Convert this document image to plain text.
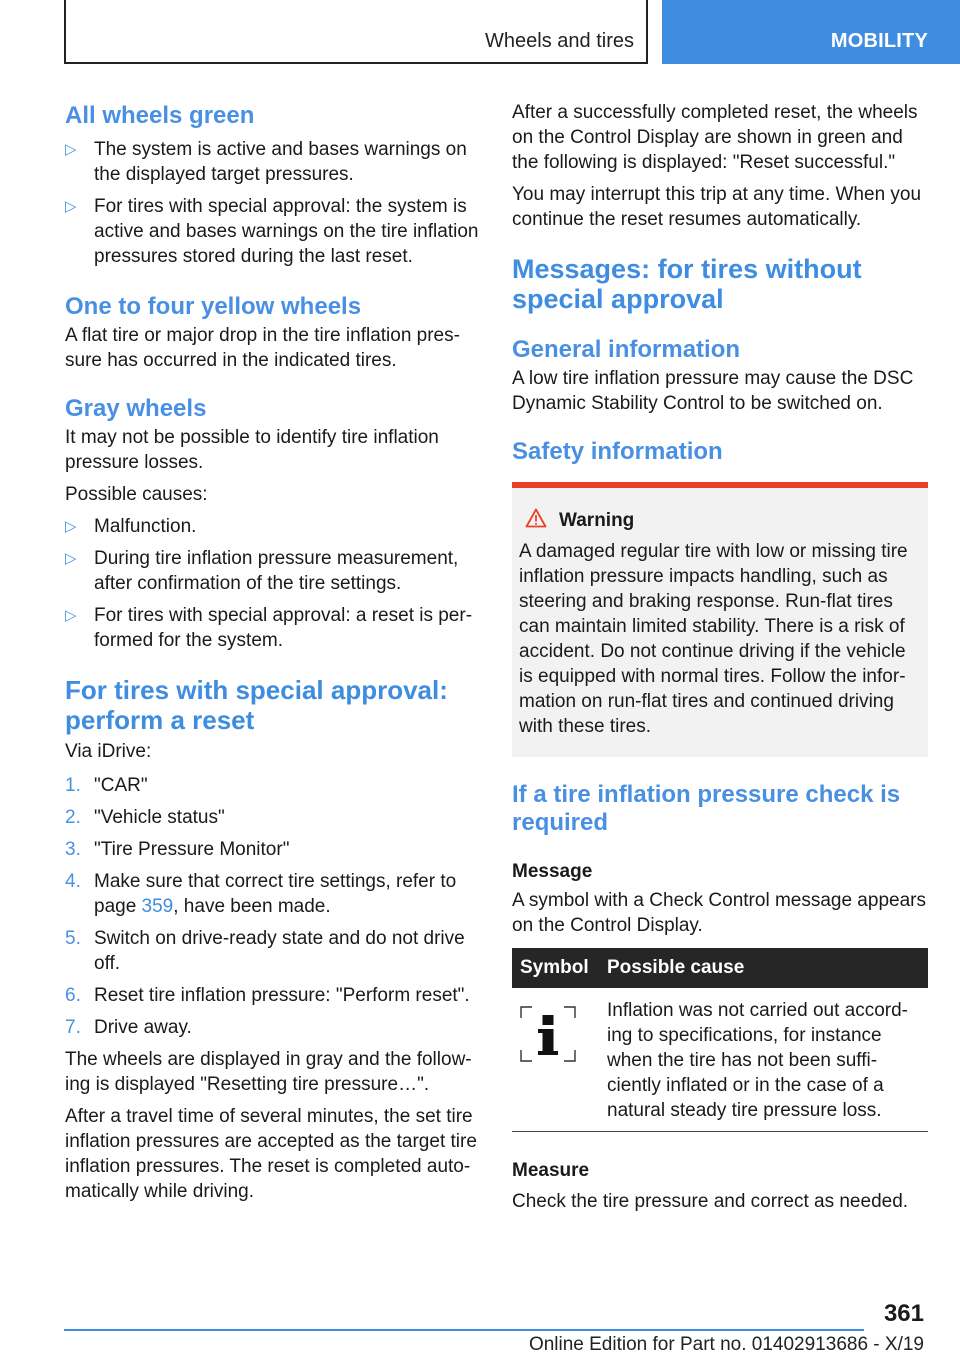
Wheels and tires	MOBILITY
All wheels green
▷ The system is active and bases warnings on the displayed target pressures.
▷ For tires with special approval: the system is active and bases warnings on the tire inflation pressures stored during the last reset.
One to four yellow wheels

A flat tire or major drop in the tire inflation pressure has occurred in the indicated tires.

Gray wheels

It may not be possible to identify tire inflation pressure losses.

Possible causes:

▷ Malfunction.
▷ During tire inflation pressure measurement, after confirmation of the tire settings.
▷ For tires with special approval: a reset is performed for the system.
For tires with special approval: perform a reset

Via iDrive:

1. "CAR"
2. "Vehicle status"
3. "Tire Pressure Monitor"
4. Make sure that correct tire settings, refer to page 359, have been made.
5. Switch on drive-ready state and do not drive off.
6. Reset tire inflation pressure: "Perform reset".
7. Drive away.

The wheels are displayed in gray and the following is displayed "Resetting tire pressure…".

After a travel time of several minutes, the set tire inflation pressures are accepted as the target tire inflation pressures. The reset is completed automatically while driving.

After a successfully completed reset, the wheels on the Control Display are shown in green and the following is displayed: "Reset successful."

You may interrupt this trip at any time. When you continue the reset resumes automatically.

Messages: for tires without special approval
General information

A low tire inflation pressure may cause the DSC Dynamic Stability Control to be switched on.

Safety information
Warning

A damaged regular tire with low or missing tire inflation pressure impacts handling, such as steering and braking response. Run-flat tires can maintain limited stability. There is a risk of accident. Do not continue driving if the vehicle is equipped with normal tires. Follow the information on run-flat tires and continued driving with these tires.

If a tire inflation pressure check is required
Message

A symbol with a Check Control message appears on the Control Display.

Symbol	Possible cause
	Inflation was not carried out according to specifications, for instance when the tire has not been sufficiently inflated or in the case of a natural steady tire pressure loss.
Measure

Check the tire pressure and correct as needed.

361
Online Edition for Part no. 01402913686 - X/19
